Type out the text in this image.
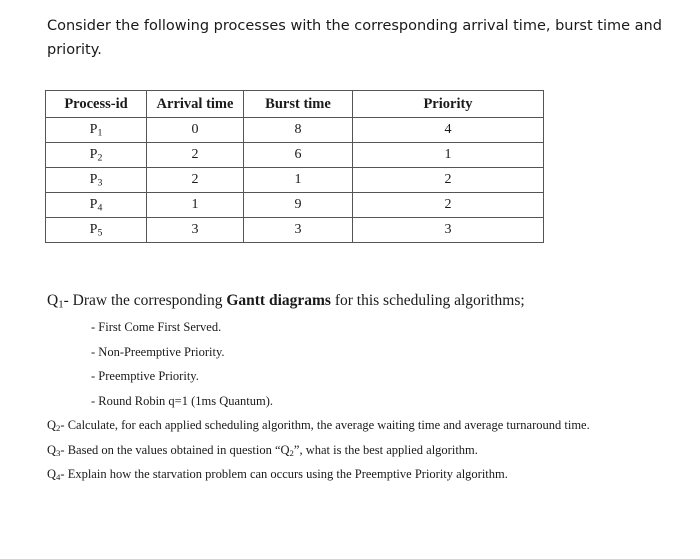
Consider the following processes with the corresponding arrival time, burst time and
priority.
Process-id	Arrival time	Burst time	Priority
$P_1$	0	8	4
$P_2$	2	6	1
$P_3$	2	1	2
$P_4$	1	9	2
$P_5$	3	3	3
$Q_1-$ Draw the corresponding Gantt diagrams for this scheduling algorithms;
- First Come First Served.
- Non-Preemptive Priority.
- Preemptive Priority.
- Round Robin q=1 (1ms Quantum).
$Q_2-$ Calculate, for each applied scheduling algorithm, the average waiting time and average turnaround time.
$Q_3-$ Based on the values obtained in question “$Q_2$”, what is the best applied algorithm.
$Q_4-$ Explain how the starvation problem can occurs using the Preemptive Priority algorithm.
